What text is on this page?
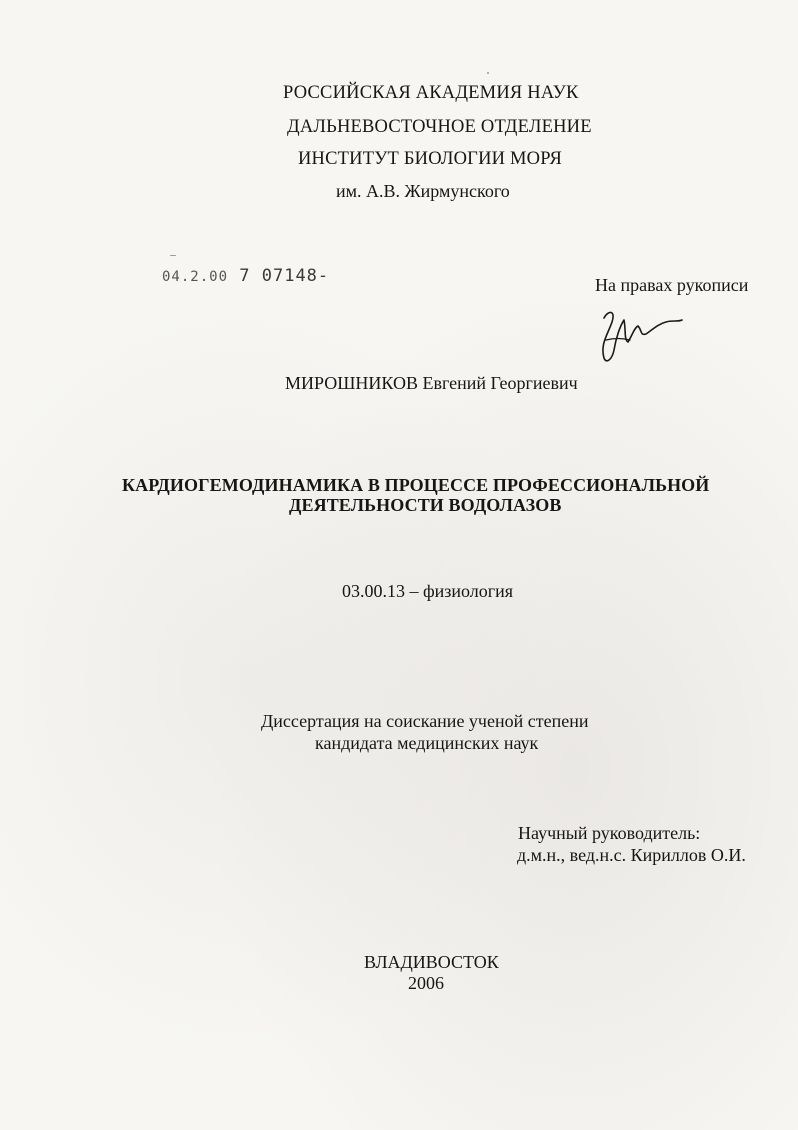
РОССИЙСКАЯ АКАДЕМИЯ НАУК
ДАЛЬНЕВОСТОЧНОЕ ОТДЕЛЕНИЕ
ИНСТИТУТ БИОЛОГИИ МОРЯ
им. А.В. Жирмунского
04.2.00 7 07148-	На правах рукописи
МИРОШНИКОВ Евгений Георгиевич
КАРДИОГЕМОДИНАМИКА В ПРОЦЕССЕ ПРОФЕССИОНАЛЬНОЙ
ДЕЯТЕЛЬНОСТИ ВОДОЛАЗОВ
03.00.13 – физиология
Диссертация на соискание ученой степени
кандидата медицинских наук
Научный руководитель:
д.м.н., вед.н.с. Кириллов О.И.
ВЛАДИВОСТОК
2006
